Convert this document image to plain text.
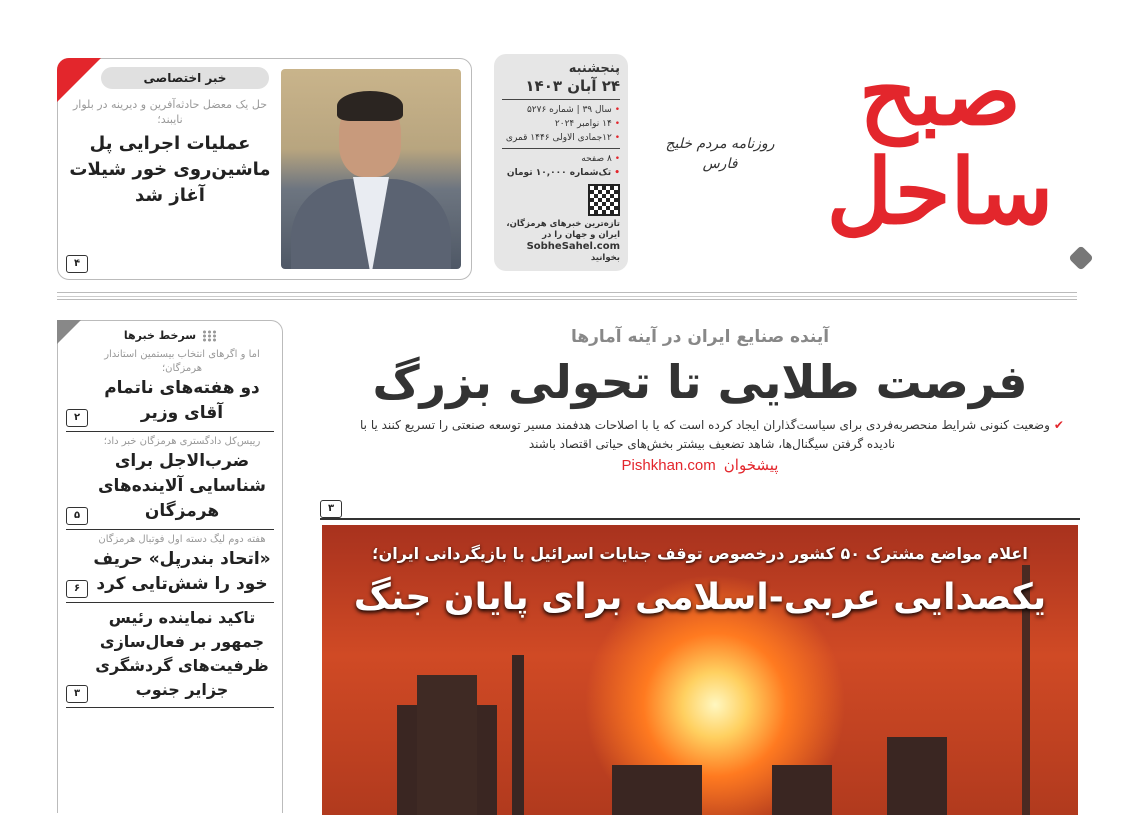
صبح ساحل
روزنامه مردم خلیج فارس
پنجشنبه
۲۴ آبان ۱۴۰۳
• سال ۳۹ | شماره ۵۲۷۶
• ۱۴ نوامبر ۲۰۲۴
• ۱۲جمادی الاولی ۱۴۴۶ قمری
• ۸ صفحه
• تک‌شماره ۱۰,۰۰۰ تومان
تازه‌ترین خبرهای هرمزگان، ایران و جهان را در SobheSahel.com بخوانید
خبر اختصاصی
حل یک معضل حادثه‌آفرین و دیرینه در بلوار نایبند؛
عملیات اجرایی پل ماشین‌روی خور شیلات آغاز شد
۴
سرخط خبرها
اما و اگرهای انتخاب بیستمین استاندار هرمزگان؛
دو هفته‌های ناتمام آقای وزیر
۲
رییس‌کل دادگستری هرمزگان خبر داد؛
ضرب‌الاجل برای شناسایی آلاینده‌های هرمزگان
۵
هفته دوم لیگ دسته اول فوتبال هرمزگان
«اتحاد بندرپل» حریف خود را شش‌تایی کرد
۶
تاکید نماینده رئیس جمهور بر فعال‌سازی ظرفیت‌های گردشگری جزایر جنوب
۳
آینده صنایع ایران در آینه آمارها
فرصت طلایی تا تحولی بزرگ
✔وضعیت کنونی شرایط منحصربه‌فردی برای سیاست‌گذاران ایجاد کرده است که یا با اصلاحات هدفمند مسیر توسعه صنعتی را تسریع کنند یا با نادیده گرفتن سیگنال‌ها، شاهد تضعیف بیشتر بخش‌های حیاتی اقتصاد باشند
پیشخوانPishkhan.com
۳
اعلام مواضع مشترک ۵۰ کشور درخصوص توقف جنایات اسرائیل با بازیگردانی ایران؛
یکصدایی عربی-اسلامی برای پایان جنگ
